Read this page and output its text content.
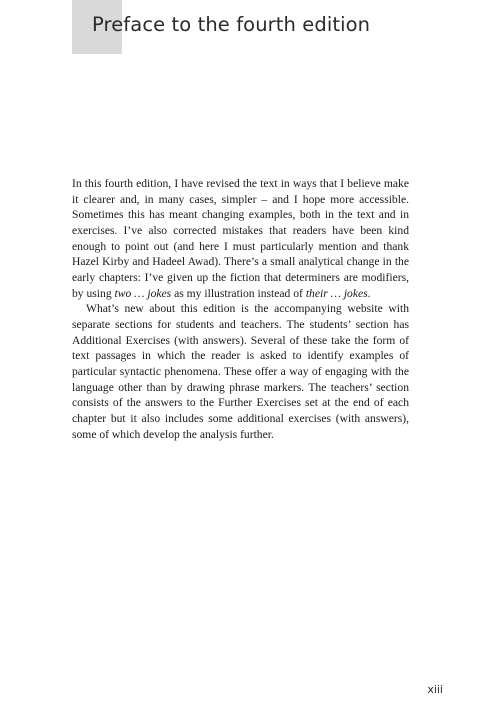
Preface to the fourth edition

In this fourth edition, I have revised the text in ways that I believe make it clearer and, in many cases, simpler – and I hope more accessible. Sometimes this has meant changing examples, both in the text and in exercises. I’ve also corrected mistakes that readers have been kind enough to point out (and here I must particularly mention and thank Hazel Kirby and Hadeel Awad). There’s a small analytical change in the early chapters: I’ve given up the fiction that determiners are modifiers, by using two … jokes as my illustration instead of their … jokes.

What’s new about this edition is the accompanying website with separate sections for students and teachers. The students’ section has Additional Exercises (with answers). Several of these take the form of text passages in which the reader is asked to identify examples of particular syntactic phenomena. These offer a way of engaging with the language other than by drawing phrase markers. The teachers’ section consists of the answers to the Further Exercises set at the end of each chapter but it also includes some additional exercises (with answers), some of which develop the analysis further.

xiii
